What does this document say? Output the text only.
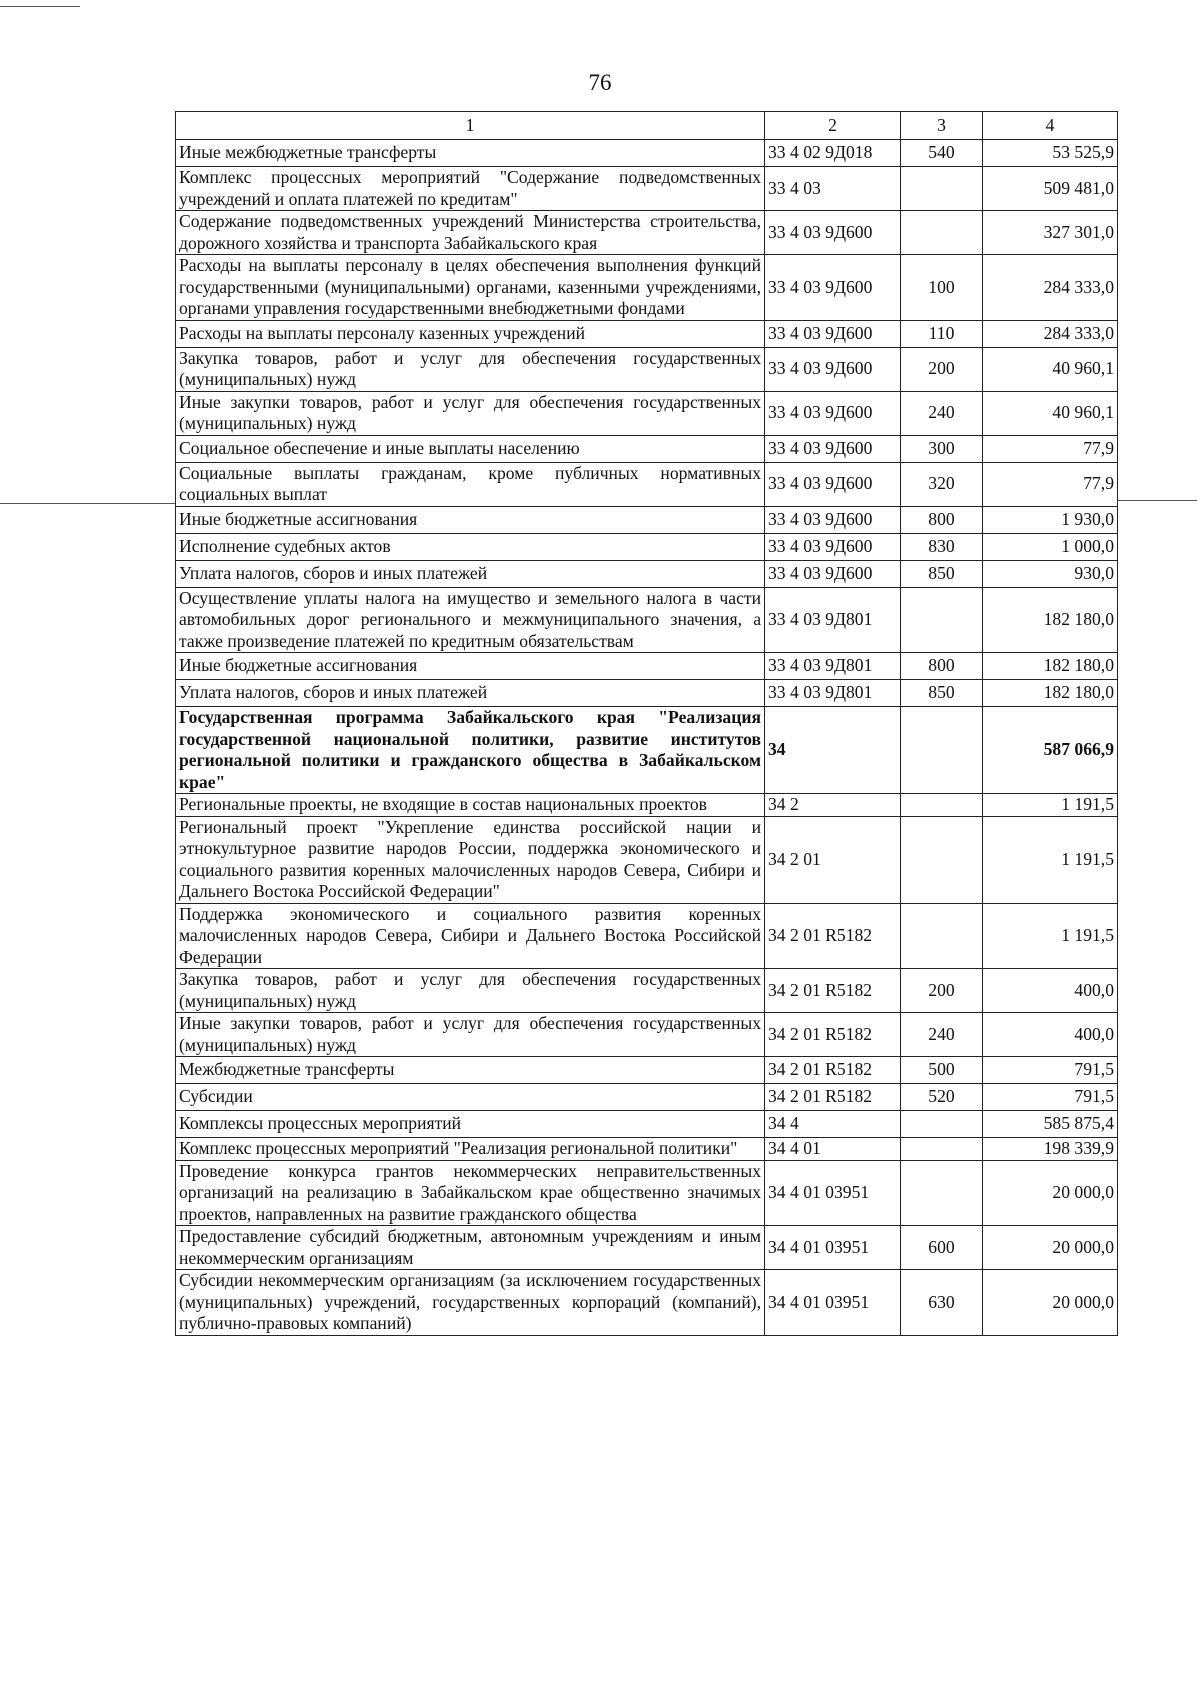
76
1	2	3	4
Иные межбюджетные трансферты	33 4 02 9Д018	540	53 525,9
Комплекс процессных мероприятий "Содержание подведомственных учреждений и оплата платежей по кредитам"	33 4 03		509 481,0
Содержание подведомственных учреждений Министерства строительства, дорожного хозяйства и транспорта Забайкальского края	33 4 03 9Д600		327 301,0
Расходы на выплаты персоналу в целях обеспечения выполнения функций государственными (муниципальными) органами, казенными учреждениями, органами управления государственными внебюджетными фондами	33 4 03 9Д600	100	284 333,0
Расходы на выплаты персоналу казенных учреждений	33 4 03 9Д600	110	284 333,0
Закупка товаров, работ и услуг для обеспечения государственных (муниципальных) нужд	33 4 03 9Д600	200	40 960,1
Иные закупки товаров, работ и услуг для обеспечения государственных (муниципальных) нужд	33 4 03 9Д600	240	40 960,1
Социальное обеспечение и иные выплаты населению	33 4 03 9Д600	300	77,9
Социальные выплаты гражданам, кроме публичных нормативных социальных выплат	33 4 03 9Д600	320	77,9
Иные бюджетные ассигнования	33 4 03 9Д600	800	1 930,0
Исполнение судебных актов	33 4 03 9Д600	830	1 000,0
Уплата налогов, сборов и иных платежей	33 4 03 9Д600	850	930,0
Осуществление уплаты налога на имущество и земельного налога в части автомобильных дорог регионального и межмуниципального значения, а также произведение платежей по кредитным обязательствам	33 4 03 9Д801		182 180,0
Иные бюджетные ассигнования	33 4 03 9Д801	800	182 180,0
Уплата налогов, сборов и иных платежей	33 4 03 9Д801	850	182 180,0
Государственная программа Забайкальского края "Реализация государственной национальной политики, развитие институтов региональной политики и гражданского общества в Забайкальском крае"	34		587 066,9
Региональные проекты, не входящие в состав национальных проектов	34 2		1 191,5
Региональный проект "Укрепление единства российской нации и этнокультурное развитие народов России, поддержка экономического и социального развития коренных малочисленных народов Севера, Сибири и Дальнего Востока Российской Федерации"	34 2 01		1 191,5
Поддержка экономического и социального развития коренных малочисленных народов Севера, Сибири и Дальнего Востока Российской Федерации	34 2 01 R5182		1 191,5
Закупка товаров, работ и услуг для обеспечения государственных (муниципальных) нужд	34 2 01 R5182	200	400,0
Иные закупки товаров, работ и услуг для обеспечения государственных (муниципальных) нужд	34 2 01 R5182	240	400,0
Межбюджетные трансферты	34 2 01 R5182	500	791,5
Субсидии	34 2 01 R5182	520	791,5
Комплексы процессных мероприятий	34 4		585 875,4
Комплекс процессных мероприятий "Реализация региональной политики"	34 4 01		198 339,9
Проведение конкурса грантов некоммерческих неправительственных организаций на реализацию в Забайкальском крае общественно значимых проектов, направленных на развитие гражданского общества	34 4 01 03951		20 000,0
Предоставление субсидий бюджетным, автономным учреждениям и иным некоммерческим организациям	34 4 01 03951	600	20 000,0
Субсидии некоммерческим организациям (за исключением государственных (муниципальных) учреждений, государственных корпораций (компаний), публично-правовых компаний)	34 4 01 03951	630	20 000,0
